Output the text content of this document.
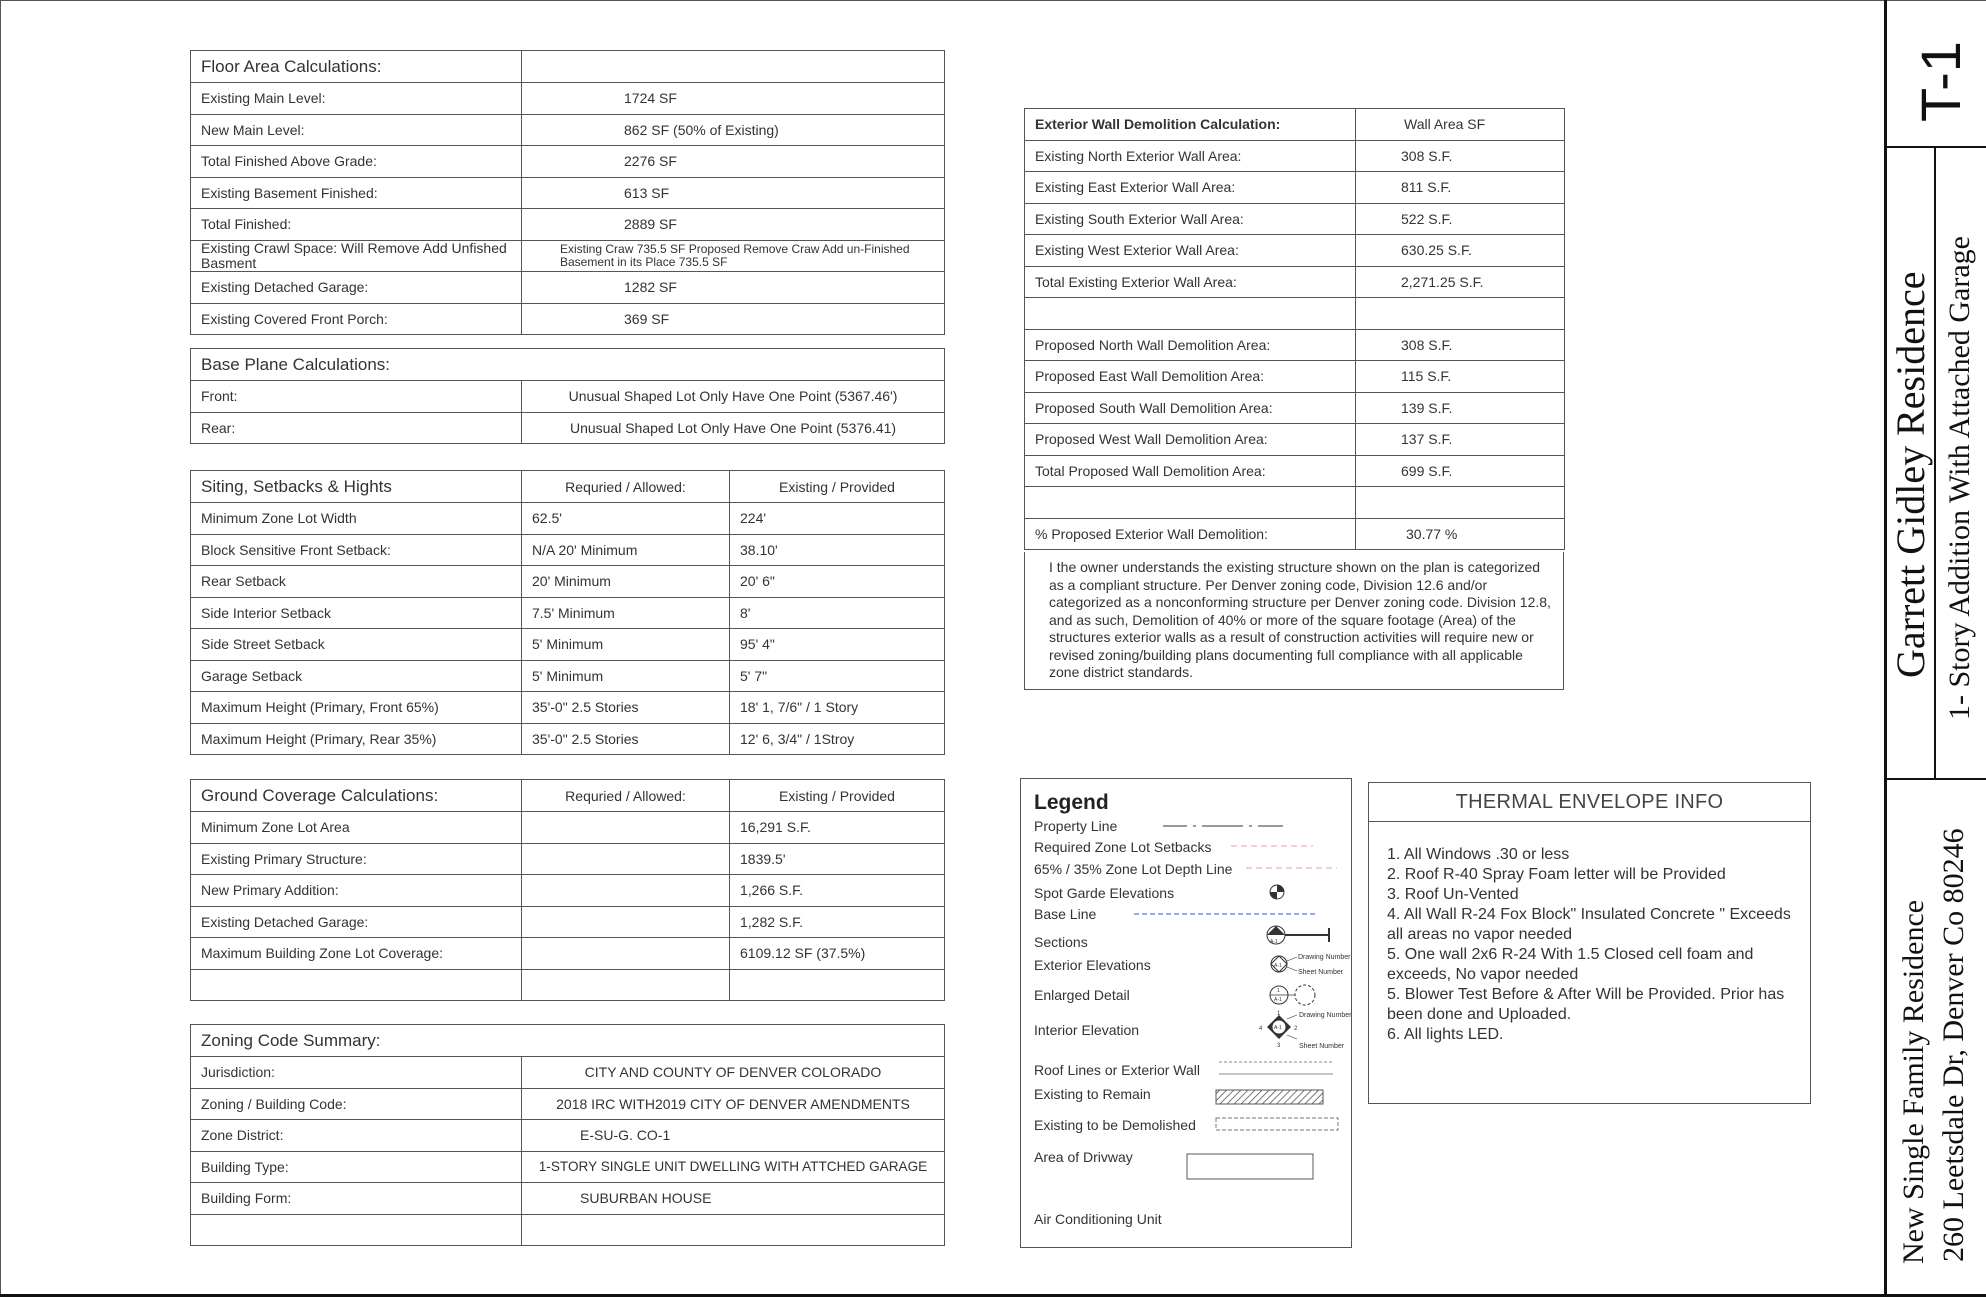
Floor Area Calculations:	
Existing Main Level:	1724 SF
New Main Level:	862 SF (50% of Existing)
Total Finished Above Grade:	2276 SF
Existing Basement Finished:	613 SF
Total Finished:	2889 SF
Existing Crawl Space: Will Remove Add Unfished Basment	Existing Craw 735.5 SF Proposed Remove Craw Add un-Finished Basement in its Place 735.5 SF
Existing Detached Garage:	1282 SF
Existing Covered Front Porch:	369 SF
Base Plane Calculations:	
Front:	Unusual Shaped Lot Only Have One Point (5367.46')
Rear:	Unusual Shaped Lot Only Have One Point (5376.41)
Siting, Setbacks & Hights	Requried / Allowed:	Existing / Provided
Minimum Zone Lot Width	62.5'	224'
Block Sensitive Front Setback:	N/A 20' Minimum	38.10'
Rear Setback	20' Minimum	20' 6"
Side Interior Setback	7.5' Minimum	8'
Side Street Setback	5' Minimum	95' 4"
Garage Setback	5' Minimum	5' 7"
Maximum Height (Primary, Front 65%)	35'-0" 2.5 Stories	18' 1, 7/6" / 1 Story
Maximum Height (Primary, Rear 35%)	35'-0" 2.5 Stories	12' 6, 3/4" / 1Stroy
Ground Coverage Calculations:	Requried / Allowed:	Existing / Provided
Minimum Zone Lot Area		16,291 S.F.
Existing Primary Structure:		1839.5'
New Primary Addition:		1,266 S.F.
Existing Detached Garage:		1,282 S.F.
Maximum Building Zone Lot Coverage:		6109.12 SF (37.5%)

Zoning Code Summary:	
Jurisdiction:	CITY AND COUNTY OF DENVER COLORADO
Zoning / Building Code:	2018 IRC WITH2019 CITY OF DENVER AMENDMENTS
Zone District:	E-SU-G. CO-1
Building Type:	1-STORY SINGLE UNIT DWELLING WITH ATTCHED GARAGE
Building Form:	SUBURBAN HOUSE

Exterior Wall Demolition Calculation:	Wall Area SF
Existing North Exterior Wall Area:	308 S.F.
Existing East Exterior Wall Area:	811 S.F.
Existing South Exterior Wall Area:	522 S.F.
Existing West Exterior Wall Area:	630.25 S.F.
Total Existing Exterior Wall Area:	2,271.25 S.F.

Proposed North Wall Demolition Area:	308 S.F.
Proposed East Wall Demolition Area:	115 S.F.
Proposed South Wall Demolition Area:	139 S.F.
Proposed West Wall Demolition Area:	137 S.F.
Total Proposed Wall Demolition Area:	699 S.F.

% Proposed Exterior Wall Demolition:	30.77 %
I the owner understands the existing structure shown on the plan is categorized as a compliant structure. Per Denver zoning code, Division 12.6 and/or categorized as a nonconforming structure per Denver zoning code. Division 12.8, and as such, Demolition of 40% or more of the square footage (Area) of the structures exterior walls as a result of construction activities will require new or revised zoning/building plans documenting full compliance with all applicable zone district standards.
Legend
Property Line
Required Zone Lot Setbacks
65% / 35% Zone Lot Depth Line
Spot Garde Elevations
Base Line
Sections
Exterior Elevations
Enlarged Detail
Interior Elevation
Roof Lines or Exterior Wall
Existing to Remain
Existing to be Demolished
Area of Drivway
Air Conditioning Unit
A-1
A-1
Drawing Number
Sheet Number
1
A-1
A-1
4	2
1
3
Drawing Number
Sheet Number
THERMAL ENVELOPE INFO
1. All Windows .30 or less
2. Roof R-40 Spray Foam letter will be Provided
3. Roof Un-Vented
4. All Wall R-24 Fox Block" Insulated Concrete " Exceeds all areas no vapor needed
5. One wall 2x6 R-24 With 1.5 Closed cell foam and exceeds, No vapor needed
5. Blower Test Before & After Will be Provided. Prior has been done and Uploaded.
6. All lights LED.
T-1
Garrett Gidley Residence 1- Story Addition With Attached Garage
New Single Family Residence 260 Leetsdale Dr, Denver Co 80246
